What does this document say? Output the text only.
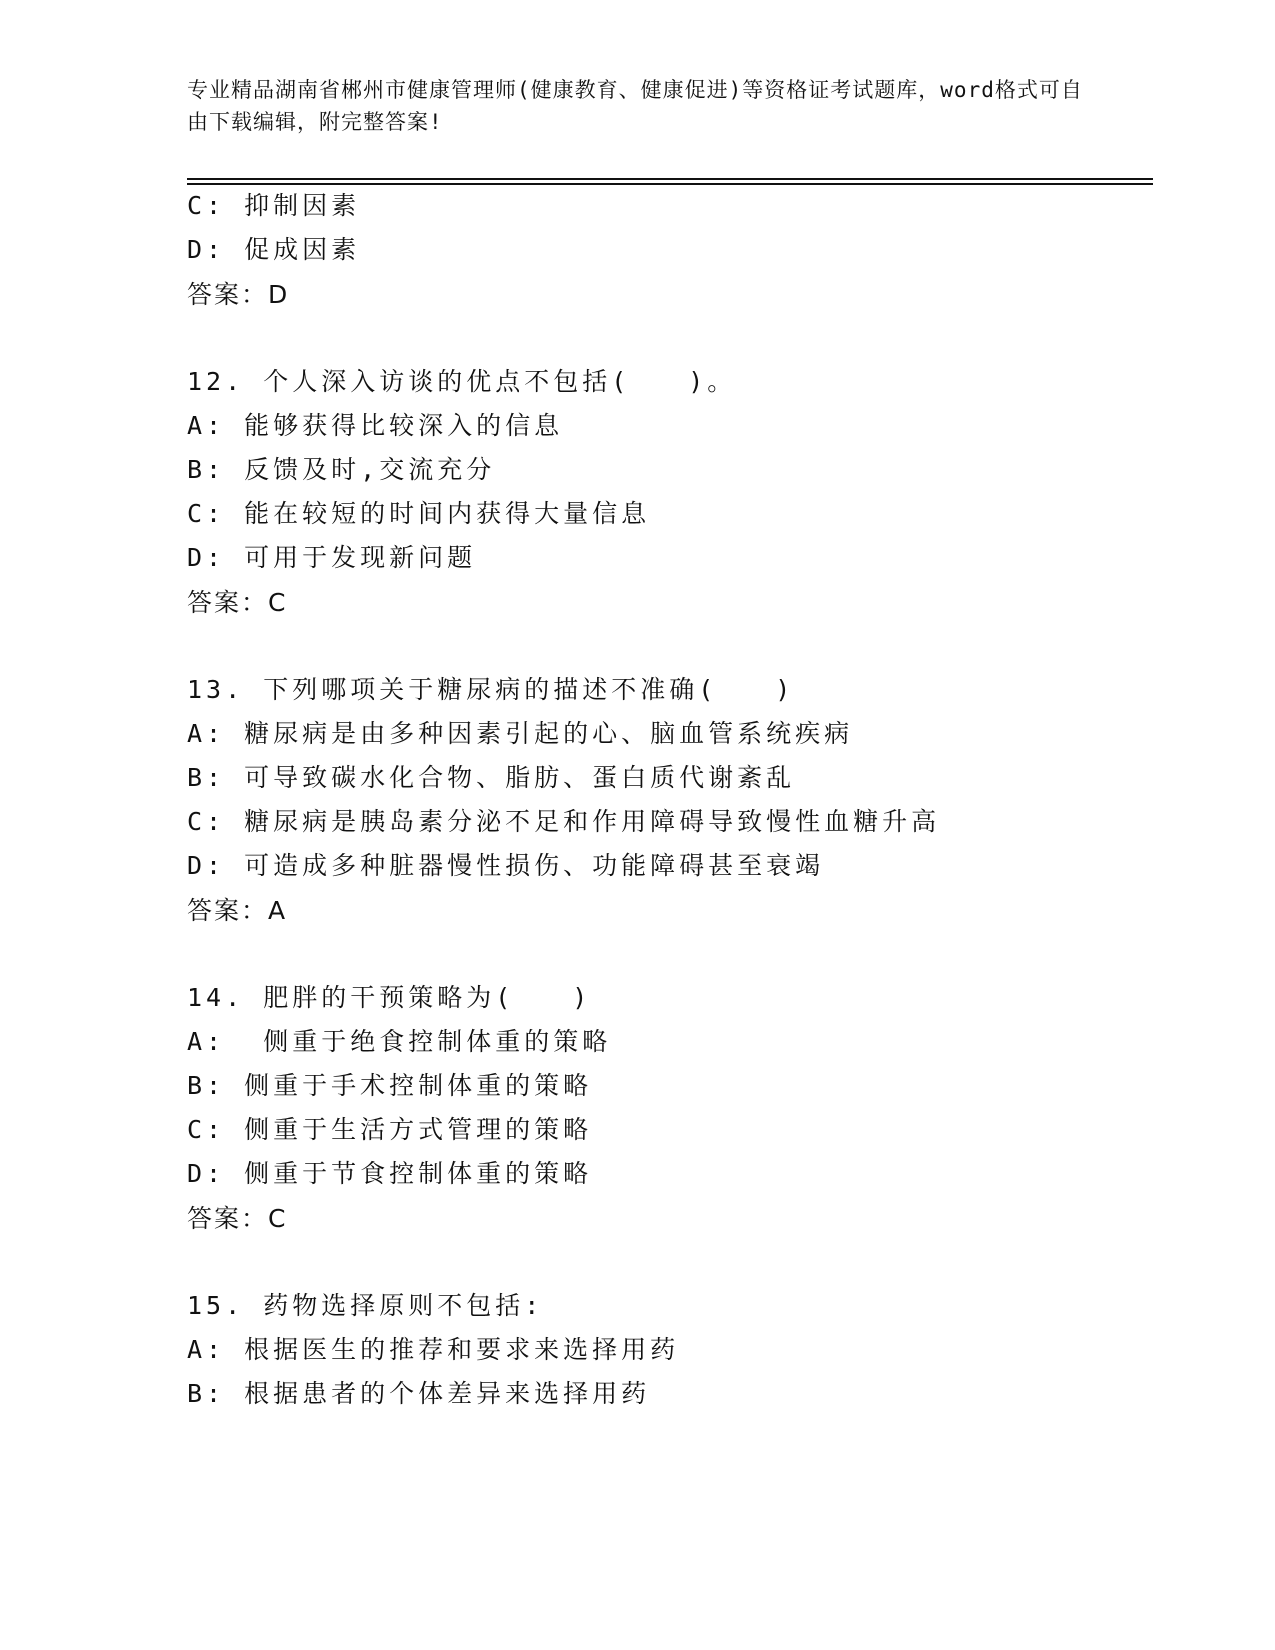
专业精品湖南省郴州市健康管理师(健康教育、健康促进)等资格证考试题库，word格式可自由下载编辑，附完整答案!
C: 抑制因素
D: 促成因素
答案：D
12. 个人深入访谈的优点不包括(　　)。
A: 能够获得比较深入的信息
B: 反馈及时,交流充分
C: 能在较短的时间内获得大量信息
D: 可用于发现新问题
答案：C
13. 下列哪项关于糖尿病的描述不准确(　　)
A: 糖尿病是由多种因素引起的心、脑血管系统疾病
B: 可导致碳水化合物、脂肪、蛋白质代谢紊乱
C: 糖尿病是胰岛素分泌不足和作用障碍导致慢性血糖升高
D: 可造成多种脏器慢性损伤、功能障碍甚至衰竭
答案：A
14. 肥胖的干预策略为(　　)
A:  侧重于绝食控制体重的策略
B: 侧重于手术控制体重的策略
C: 侧重于生活方式管理的策略
D: 侧重于节食控制体重的策略
答案：C
15. 药物选择原则不包括:
A: 根据医生的推荐和要求来选择用药
B: 根据患者的个体差异来选择用药
